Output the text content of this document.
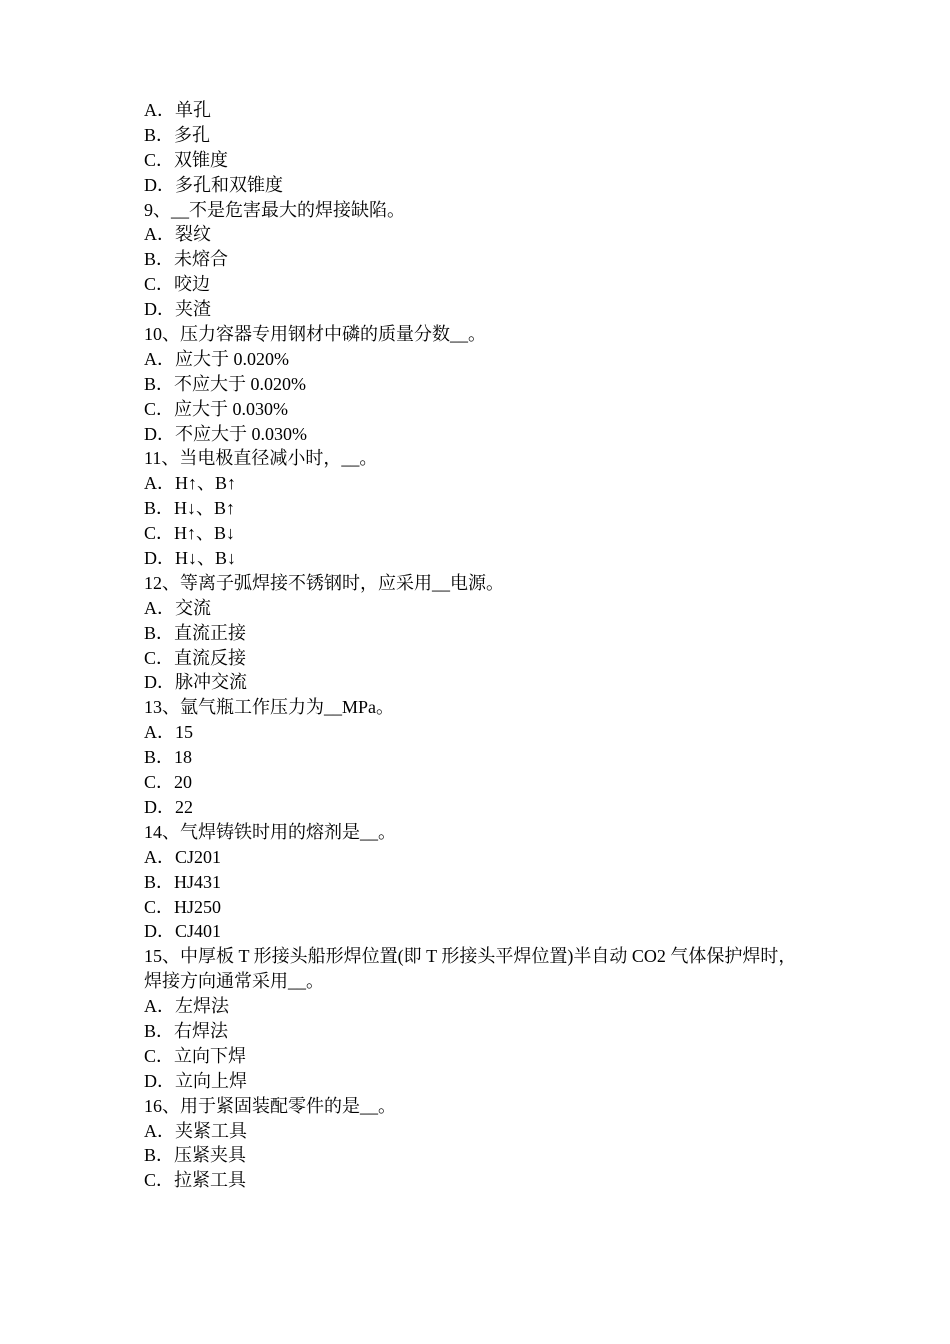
A．单孔
B．多孔
C．双锥度
D．多孔和双锥度
9、__不是危害最大的焊接缺陷。
A．裂纹
B．未熔合
C．咬边
D．夹渣
10、压力容器专用钢材中磷的质量分数__。
A．应大于 0.020%
B．不应大于 0.020%
C．应大于 0.030%
D．不应大于 0.030%
11、当电极直径减小时，__。
A．H↑、B↑
B．H↓、B↑
C．H↑、B↓
D．H↓、B↓
12、等离子弧焊接不锈钢时，应采用__电源。
A．交流
B．直流正接
C．直流反接
D．脉冲交流
13、氩气瓶工作压力为__MPa。
A．15
B．18
C．20
D．22
14、气焊铸铁时用的熔剂是__。
A．CJ201
B．HJ431
C．HJ250
D．CJ401
15、中厚板 T 形接头船形焊位置(即 T 形接头平焊位置)半自动 CO2 气体保护焊时，焊接方向通常采用__。
A．左焊法
B．右焊法
C．立向下焊
D．立向上焊
16、用于紧固装配零件的是__。
A．夹紧工具
B．压紧夹具
C．拉紧工具
